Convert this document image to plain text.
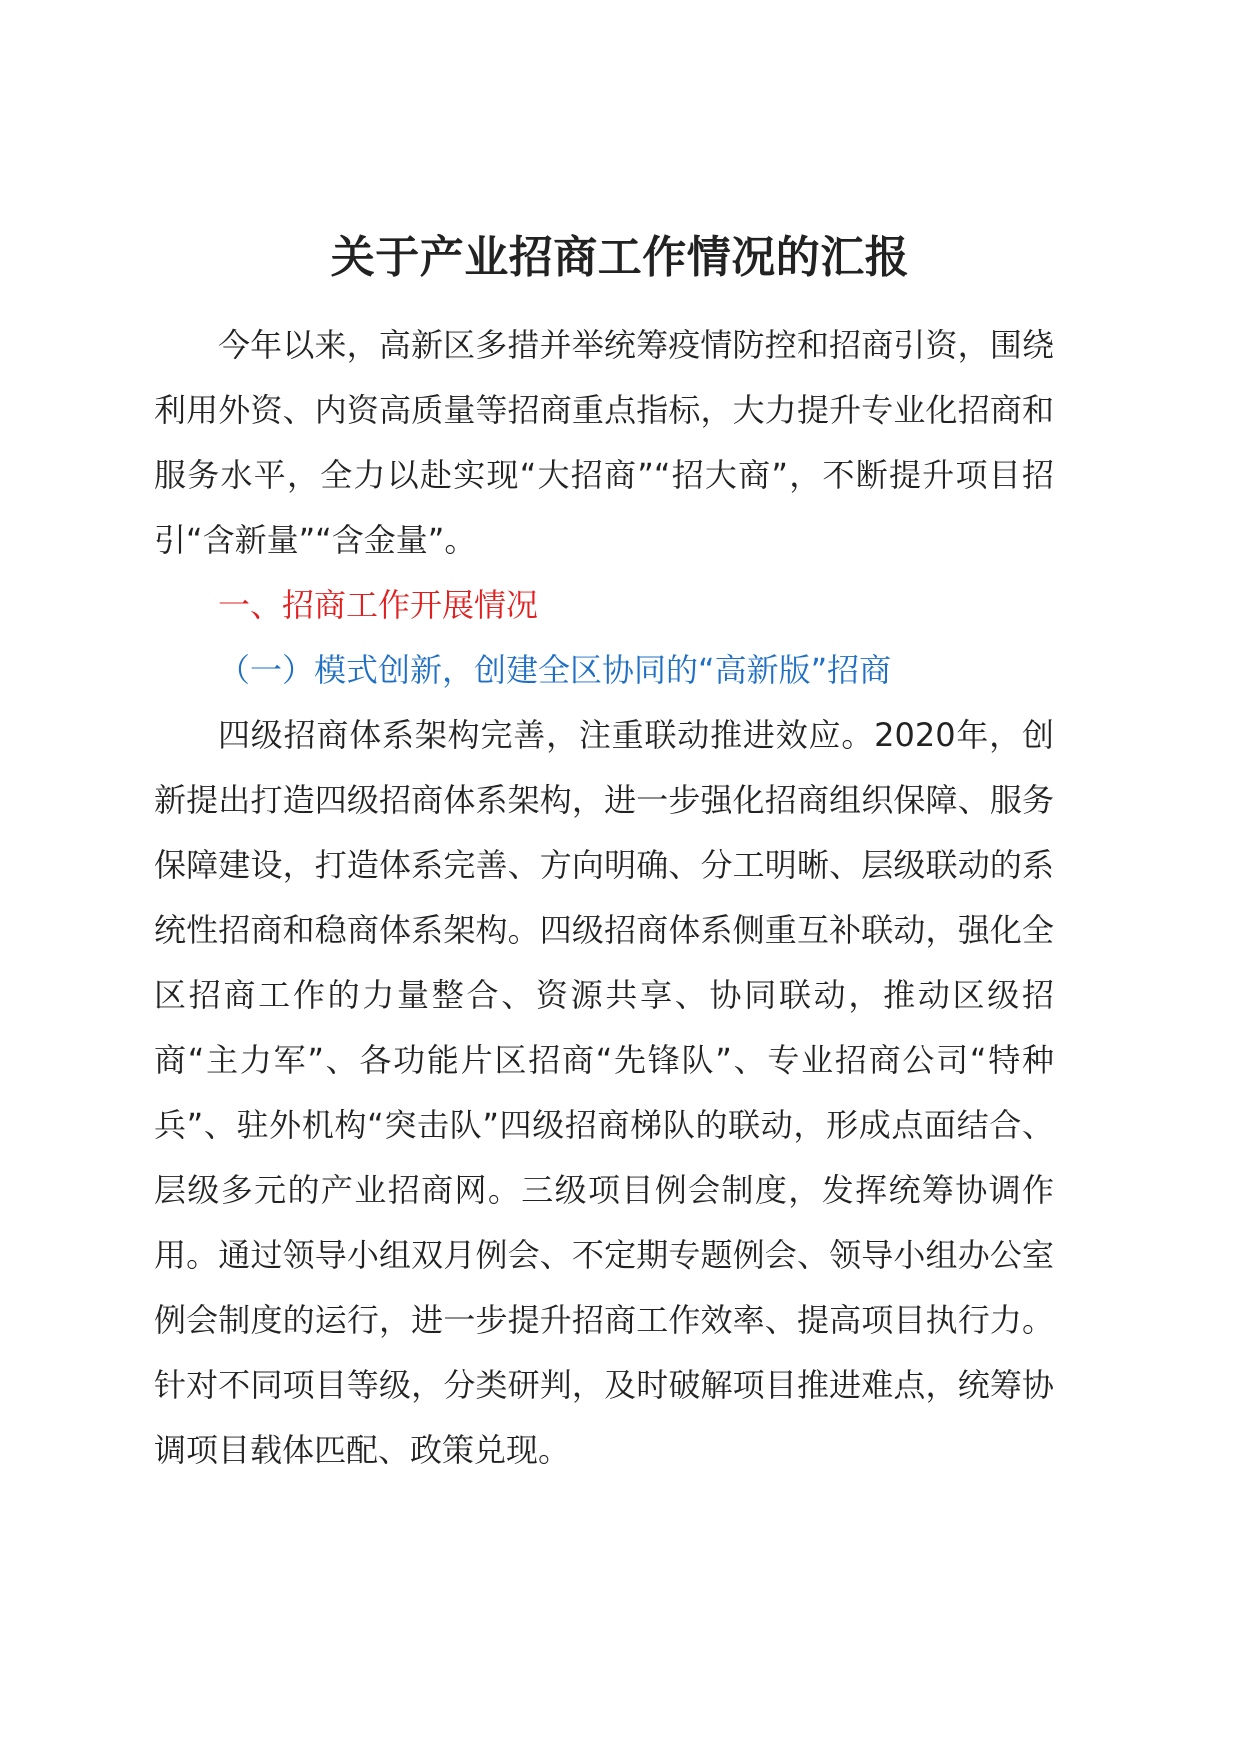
关于产业招商工作情况的汇报

今年以来，高新区多措并举统筹疫情防控和招商引资，围绕利用外资、内资高质量等招商重点指标，大力提升专业化招商和服务水平，全力以赴实现“大招商”“招大商”，不断提升项目招引“含新量”“含金量”。

一、招商工作开展情况

（一）模式创新，创建全区协同的“高新版”招商

四级招商体系架构完善，注重联动推进效应。2020年，创新提出打造四级招商体系架构，进一步强化招商组织保障、服务保障建设，打造体系完善、方向明确、分工明晰、层级联动的系统性招商和稳商体系架构。四级招商体系侧重互补联动，强化全区招商工作的力量整合、资源共享、协同联动，推动区级招商“主力军”、各功能片区招商“先锋队”、专业招商公司“特种兵”、驻外机构“突击队”四级招商梯队的联动，形成点面结合、层级多元的产业招商网。三级项目例会制度，发挥统筹协调作用。通过领导小组双月例会、不定期专题例会、领导小组办公室例会制度的运行，进一步提升招商工作效率、提高项目执行力。针对不同项目等级，分类研判，及时破解项目推进难点，统筹协调项目载体匹配、政策兑现。
